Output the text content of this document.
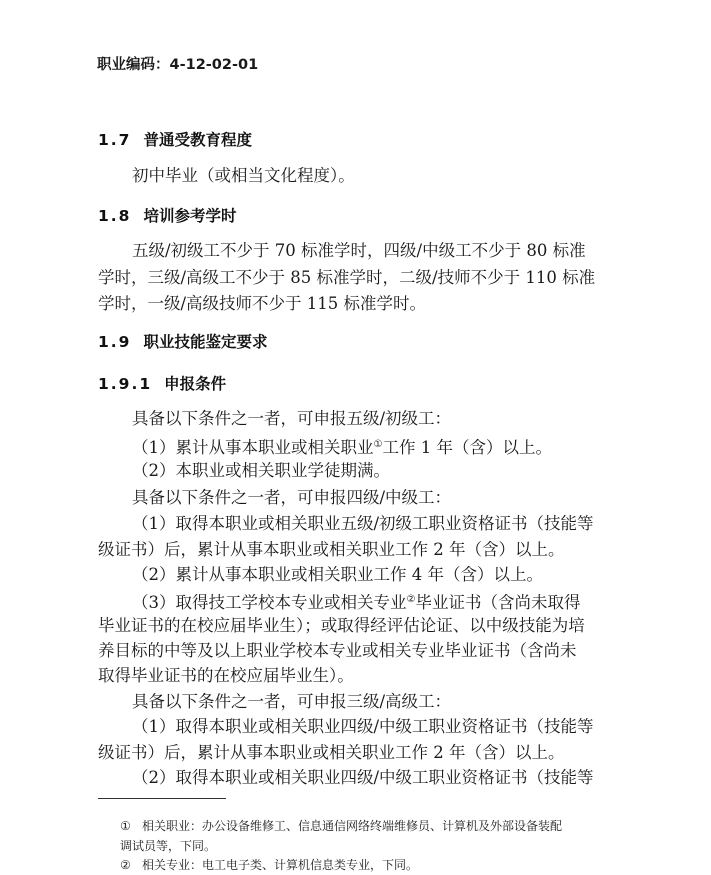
职业编码：4-12-02-01
1.7 普通受教育程度

初中毕业（或相当文化程度）。

1.8 培训参考学时

五级/初级工不少于 70 标准学时，四级/中级工不少于 80 标准

学时，三级/高级工不少于 85 标准学时，二级/技师不少于 110 标准

学时，一级/高级技师不少于 115 标准学时。

1.9 职业技能鉴定要求
1.9.1 申报条件

具备以下条件之一者，可申报五级/初级工：

（1）累计从事本职业或相关职业①工作 1 年（含）以上。

（2）本职业或相关职业学徒期满。

具备以下条件之一者，可申报四级/中级工：

（1）取得本职业或相关职业五级/初级工职业资格证书（技能等

级证书）后，累计从事本职业或相关职业工作 2 年（含）以上。

（2）累计从事本职业或相关职业工作 4 年（含）以上。

（3）取得技工学校本专业或相关专业②毕业证书（含尚未取得

毕业证书的在校应届毕业生）；或取得经评估论证、以中级技能为培

养目标的中等及以上职业学校本专业或相关专业毕业证书（含尚未

取得毕业证书的在校应届毕业生）。

具备以下条件之一者，可申报三级/高级工：

（1）取得本职业或相关职业四级/中级工职业资格证书（技能等

级证书）后，累计从事本职业或相关职业工作 2 年（含）以上。

（2）取得本职业或相关职业四级/中级工职业资格证书（技能等

① 相关职业：办公设备维修工、信息通信网络终端维修员、计算机及外部设备装配
调试员等，下同。
② 相关专业：电工电子类、计算机信息类专业，下同。
